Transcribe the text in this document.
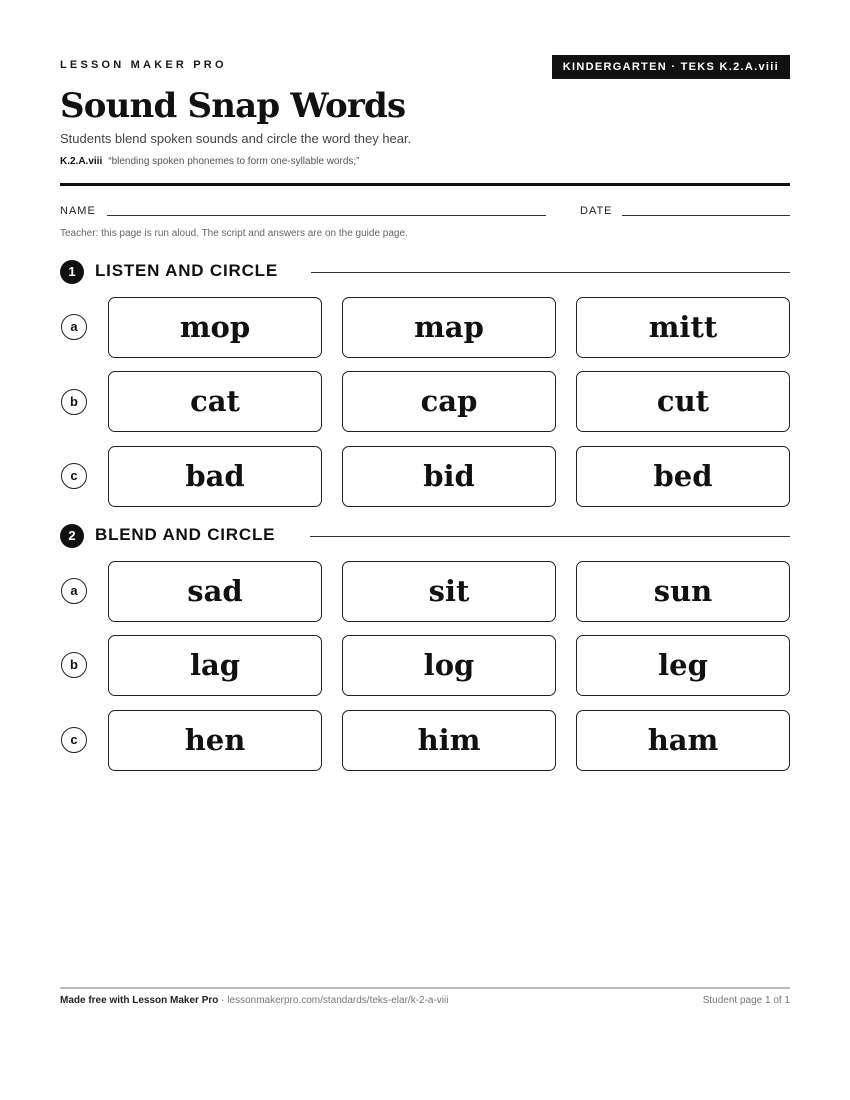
LESSON MAKER PRO	KINDERGARTEN · TEKS K.2.A.viii
Sound Snap Words
Students blend spoken sounds and circle the word they hear.
K.2.A.viii “blending spoken phonemes to form one-syllable words;”
NAME	DATE
Teacher: this page is run aloud. The script and answers are on the guide page.
1	LISTEN AND CIRCLE
a	mop	map	mitt
b	cat	cap	cut
c	bad	bid	bed
2	BLEND AND CIRCLE
a	sad	sit	sun
b	lag	log	leg
c	hen	him	ham
Made free with Lesson Maker Pro · lessonmakerpro.com/standards/teks-elar/k-2-a-viii	Student page 1 of 1
